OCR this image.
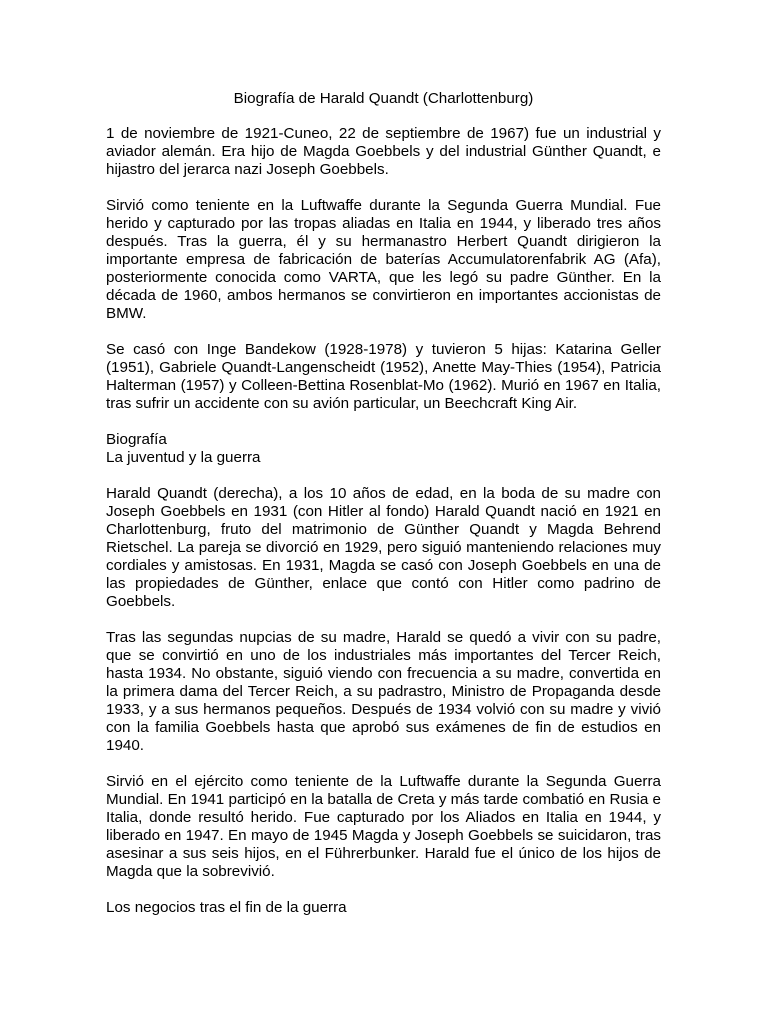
Biografía de Harald Quandt (Charlottenburg)

1 de noviembre de 1921-Cuneo, 22 de septiembre de 1967) fue un industrial y aviador alemán. Era hijo de Magda Goebbels y del industrial Günther Quandt, e hijastro del jerarca nazi Joseph Goebbels.

Sirvió como teniente en la Luftwaffe durante la Segunda Guerra Mundial. Fue herido y capturado por las tropas aliadas en Italia en 1944, y liberado tres años después. Tras la guerra, él y su hermanastro Herbert Quandt dirigieron la importante empresa de fabricación de baterías Accumulatorenfabrik AG (Afa), posteriormente conocida como VARTA, que les legó su padre Günther. En la década de 1960, ambos hermanos se convirtieron en importantes accionistas de BMW.

Se casó con Inge Bandekow (1928-1978) y tuvieron 5 hijas: Katarina Geller (1951), Gabriele Quandt-Langenscheidt (1952), Anette May-Thies (1954), Patricia Halterman (1957) y Colleen-Bettina Rosenblat-Mo (1962). Murió en 1967 en Italia, tras sufrir un accidente con su avión particular, un Beechcraft King Air.

Biografía

La juventud y la guerra

Harald Quandt (derecha), a los 10 años de edad, en la boda de su madre con Joseph Goebbels en 1931 (con Hitler al fondo) Harald Quandt nació en 1921 en Charlottenburg, fruto del matrimonio de Günther Quandt y Magda Behrend Rietschel. La pareja se divorció en 1929, pero siguió manteniendo relaciones muy cordiales y amistosas. En 1931, Magda se casó con Joseph Goebbels en una de las propiedades de Günther, enlace que contó con Hitler como padrino de Goebbels.

Tras las segundas nupcias de su madre, Harald se quedó a vivir con su padre, que se convirtió en uno de los industriales más importantes del Tercer Reich, hasta 1934. No obstante, siguió viendo con frecuencia a su madre, convertida en la primera dama del Tercer Reich, a su padrastro, Ministro de Propaganda desde 1933, y a sus hermanos pequeños. Después de 1934 volvió con su madre y vivió con la familia Goebbels hasta que aprobó sus exámenes de fin de estudios en 1940.

Sirvió en el ejército como teniente de la Luftwaffe durante la Segunda Guerra Mundial. En 1941 participó en la batalla de Creta y más tarde combatió en Rusia e Italia, donde resultó herido. Fue capturado por los Aliados en Italia en 1944, y liberado en 1947. En mayo de 1945 Magda y Joseph Goebbels se suicidaron, tras asesinar a sus seis hijos, en el Führerbunker. Harald fue el único de los hijos de Magda que la sobrevivió.

Los negocios tras el fin de la guerra
